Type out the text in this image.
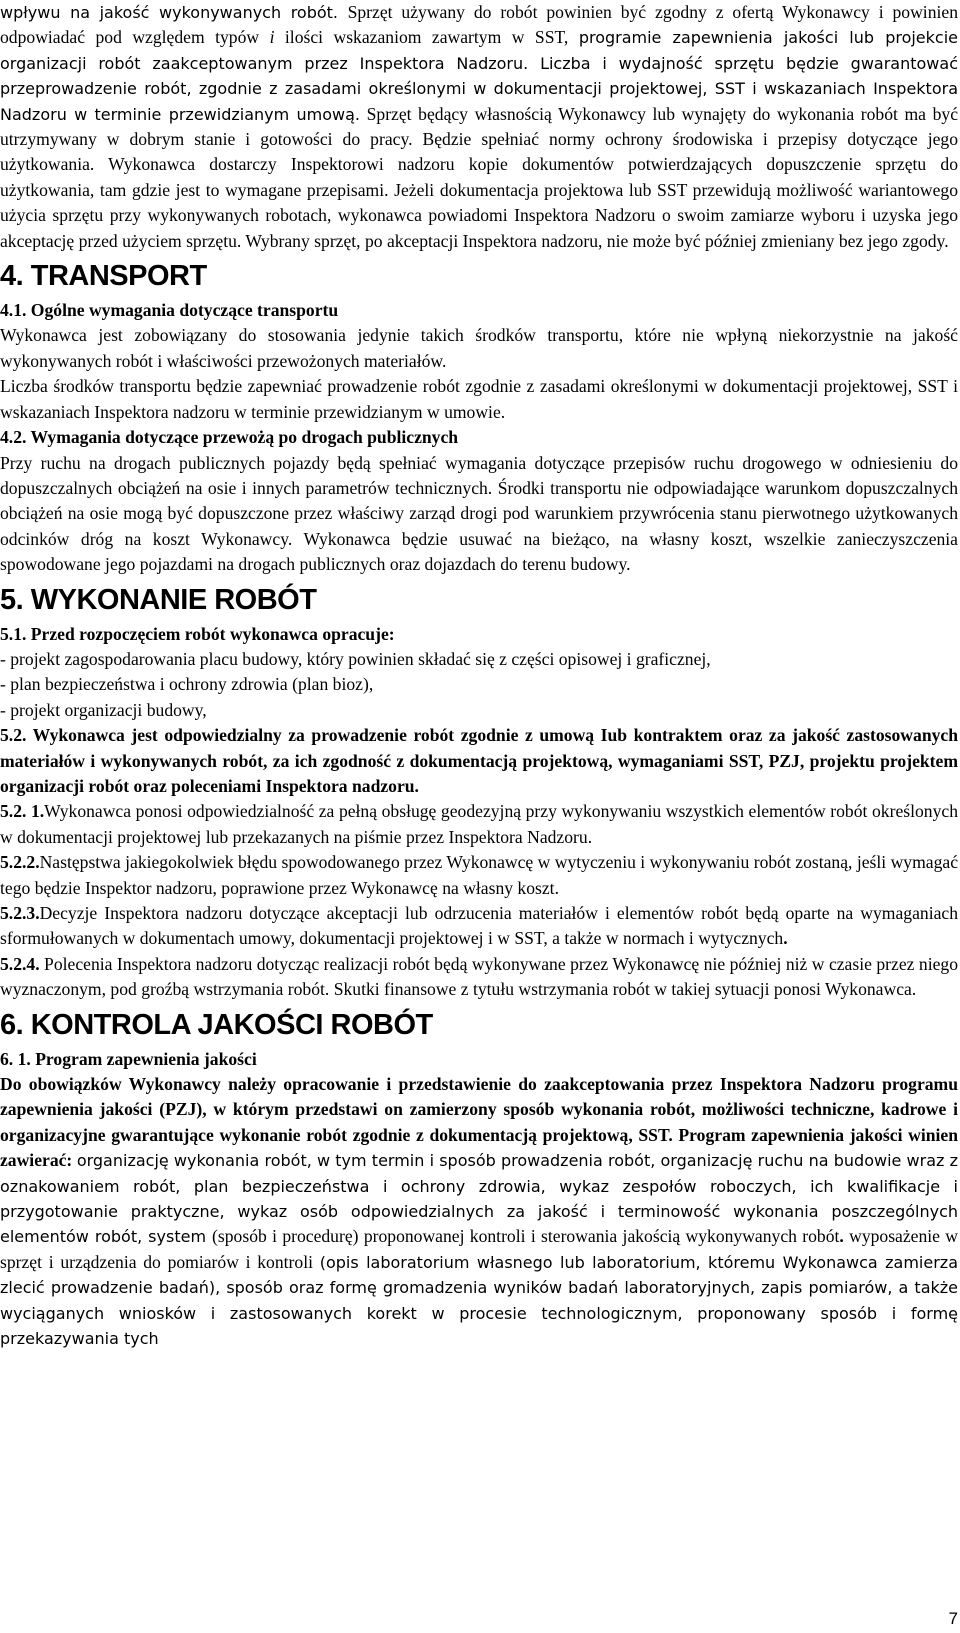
wpływu na jakość wykonywanych robót. Sprzęt używany do robót powinien być zgodny z ofertą Wykonawcy i powinien odpowiadać pod względem typów i ilości wskazaniom zawartym w SST, programie zapewnienia jakości lub projekcie organizacji robót zaakceptowanym przez Inspektora Nadzoru. Liczba i wydajność sprzętu będzie gwarantować przeprowadzenie robót, zgodnie z zasadami określonymi w dokumentacji projektowej, SST i wskazaniach Inspektora Nadzoru w terminie przewidzianym umową. Sprzęt będący własnością Wykonawcy lub wynajęty do wykonania robót ma być utrzymywany w dobrym stanie i gotowości do pracy. Będzie spełniać normy ochrony środowiska i przepisy dotyczące jego użytkowania. Wykonawca dostarczy Inspektorowi nadzoru kopie dokumentów potwierdzających dopuszczenie sprzętu do użytkowania, tam gdzie jest to wymagane przepisami. Jeżeli dokumentacja projektowa lub SST przewidują możliwość wariantowego użycia sprzętu przy wykonywanych robotach, wykonawca powiadomi Inspektora Nadzoru o swoim zamiarze wyboru i uzyska jego akceptację przed użyciem sprzętu. Wybrany sprzęt, po akceptacji Inspektora nadzoru, nie może być później zmieniany bez jego zgody.

4. TRANSPORT

4.1. Ogólne wymagania dotyczące transportu

Wykonawca jest zobowiązany do stosowania jedynie takich środków transportu, które nie wpłyną niekorzystnie na jakość wykonywanych robót i właściwości przewożonych materiałów.

Liczba środków transportu będzie zapewniać prowadzenie robót zgodnie z zasadami określonymi w dokumentacji projektowej, SST i wskazaniach Inspektora nadzoru w terminie przewidzianym w umowie.

4.2. Wymagania dotyczące przewożą po drogach publicznych

Przy ruchu na drogach publicznych pojazdy będą spełniać wymagania dotyczące przepisów ruchu drogowego w odniesieniu do dopuszczalnych obciążeń na osie i innych parametrów technicznych. Środki transportu nie odpowiadające warunkom dopuszczalnych obciążeń na osie mogą być dopuszczone przez właściwy zarząd drogi pod warunkiem przywrócenia stanu pierwotnego użytkowanych odcinków dróg na koszt Wykonawcy. Wykonawca będzie usuwać na bieżąco, na własny koszt, wszelkie zanieczyszczenia spowodowane jego pojazdami na drogach publicznych oraz dojazdach do terenu budowy.

5. WYKONANIE ROBÓT

5.1. Przed rozpoczęciem robót wykonawca opracuje:

- projekt zagospodarowania placu budowy, który powinien składać się z części opisowej i graficznej,

- plan bezpieczeństwa i ochrony zdrowia (plan bioz),

- projekt organizacji budowy,

5.2. Wykonawca jest odpowiedzialny za prowadzenie robót zgodnie z umową Iub kontraktem oraz za jakość zastosowanych materiałów i wykonywanych robót, za ich zgodność z dokumentacją projektową, wymaganiami SST, PZJ, projektu projektem organizacji robót oraz poleceniami Inspektora nadzoru.

5.2. 1.Wykonawca ponosi odpowiedzialność za pełną obsługę geodezyjną przy wykonywaniu wszystkich elementów robót określonych w dokumentacji projektowej lub przekazanych na piśmie przez Inspektora Nadzoru.

5.2.2.Następstwa jakiegokolwiek błędu spowodowanego przez Wykonawcę w wytyczeniu i wykonywaniu robót zostaną, jeśli wymagać tego będzie Inspektor nadzoru, poprawione przez Wykonawcę na własny koszt.

5.2.3.Decyzje Inspektora nadzoru dotyczące akceptacji lub odrzucenia materiałów i elementów robót będą oparte na wymaganiach sformułowanych w dokumentach umowy, dokumentacji projektowej i w SST, a także w normach i wytycznych.

5.2.4. Polecenia Inspektora nadzoru dotycząc realizacji robót będą wykonywane przez Wykonawcę nie później niż w czasie przez niego wyznaczonym, pod groźbą wstrzymania robót. Skutki finansowe z tytułu wstrzymania robót w takiej sytuacji ponosi Wykonawca.

6. KONTROLA JAKOŚCI ROBÓT

6. 1. Program zapewnienia jakości

Do obowiązków Wykonawcy należy opracowanie i przedstawienie do zaakceptowania przez Inspektora Nadzoru programu zapewnienia jakości (PZJ), w którym przedstawi on zamierzony sposób wykonania robót, możliwości techniczne, kadrowe i organizacyjne gwarantujące wykonanie robót zgodnie z dokumentacją projektową, SST. Program zapewnienia jakości winien zawierać: organizację wykonania robót, w tym termin i sposób prowadzenia robót, organizację ruchu na budowie wraz z oznakowaniem robót, plan bezpieczeństwa i ochrony zdrowia, wykaz zespołów roboczych, ich kwalifikacje i przygotowanie praktyczne, wykaz osób odpowiedzialnych za jakość i terminowość wykonania poszczególnych elementów robót, system (sposób i procedurę) proponowanej kontroli i sterowania jakością wykonywanych robót. wyposażenie w sprzęt i urządzenia do pomiarów i kontroli (opis laboratorium własnego lub laboratorium, któremu Wykonawca zamierza zlecić prowadzenie badań), sposób oraz formę gromadzenia wyników badań laboratoryjnych, zapis pomiarów, a także wyciąganych wniosków i zastosowanych korekt w procesie technologicznym, proponowany sposób i formę przekazywania tych

7
